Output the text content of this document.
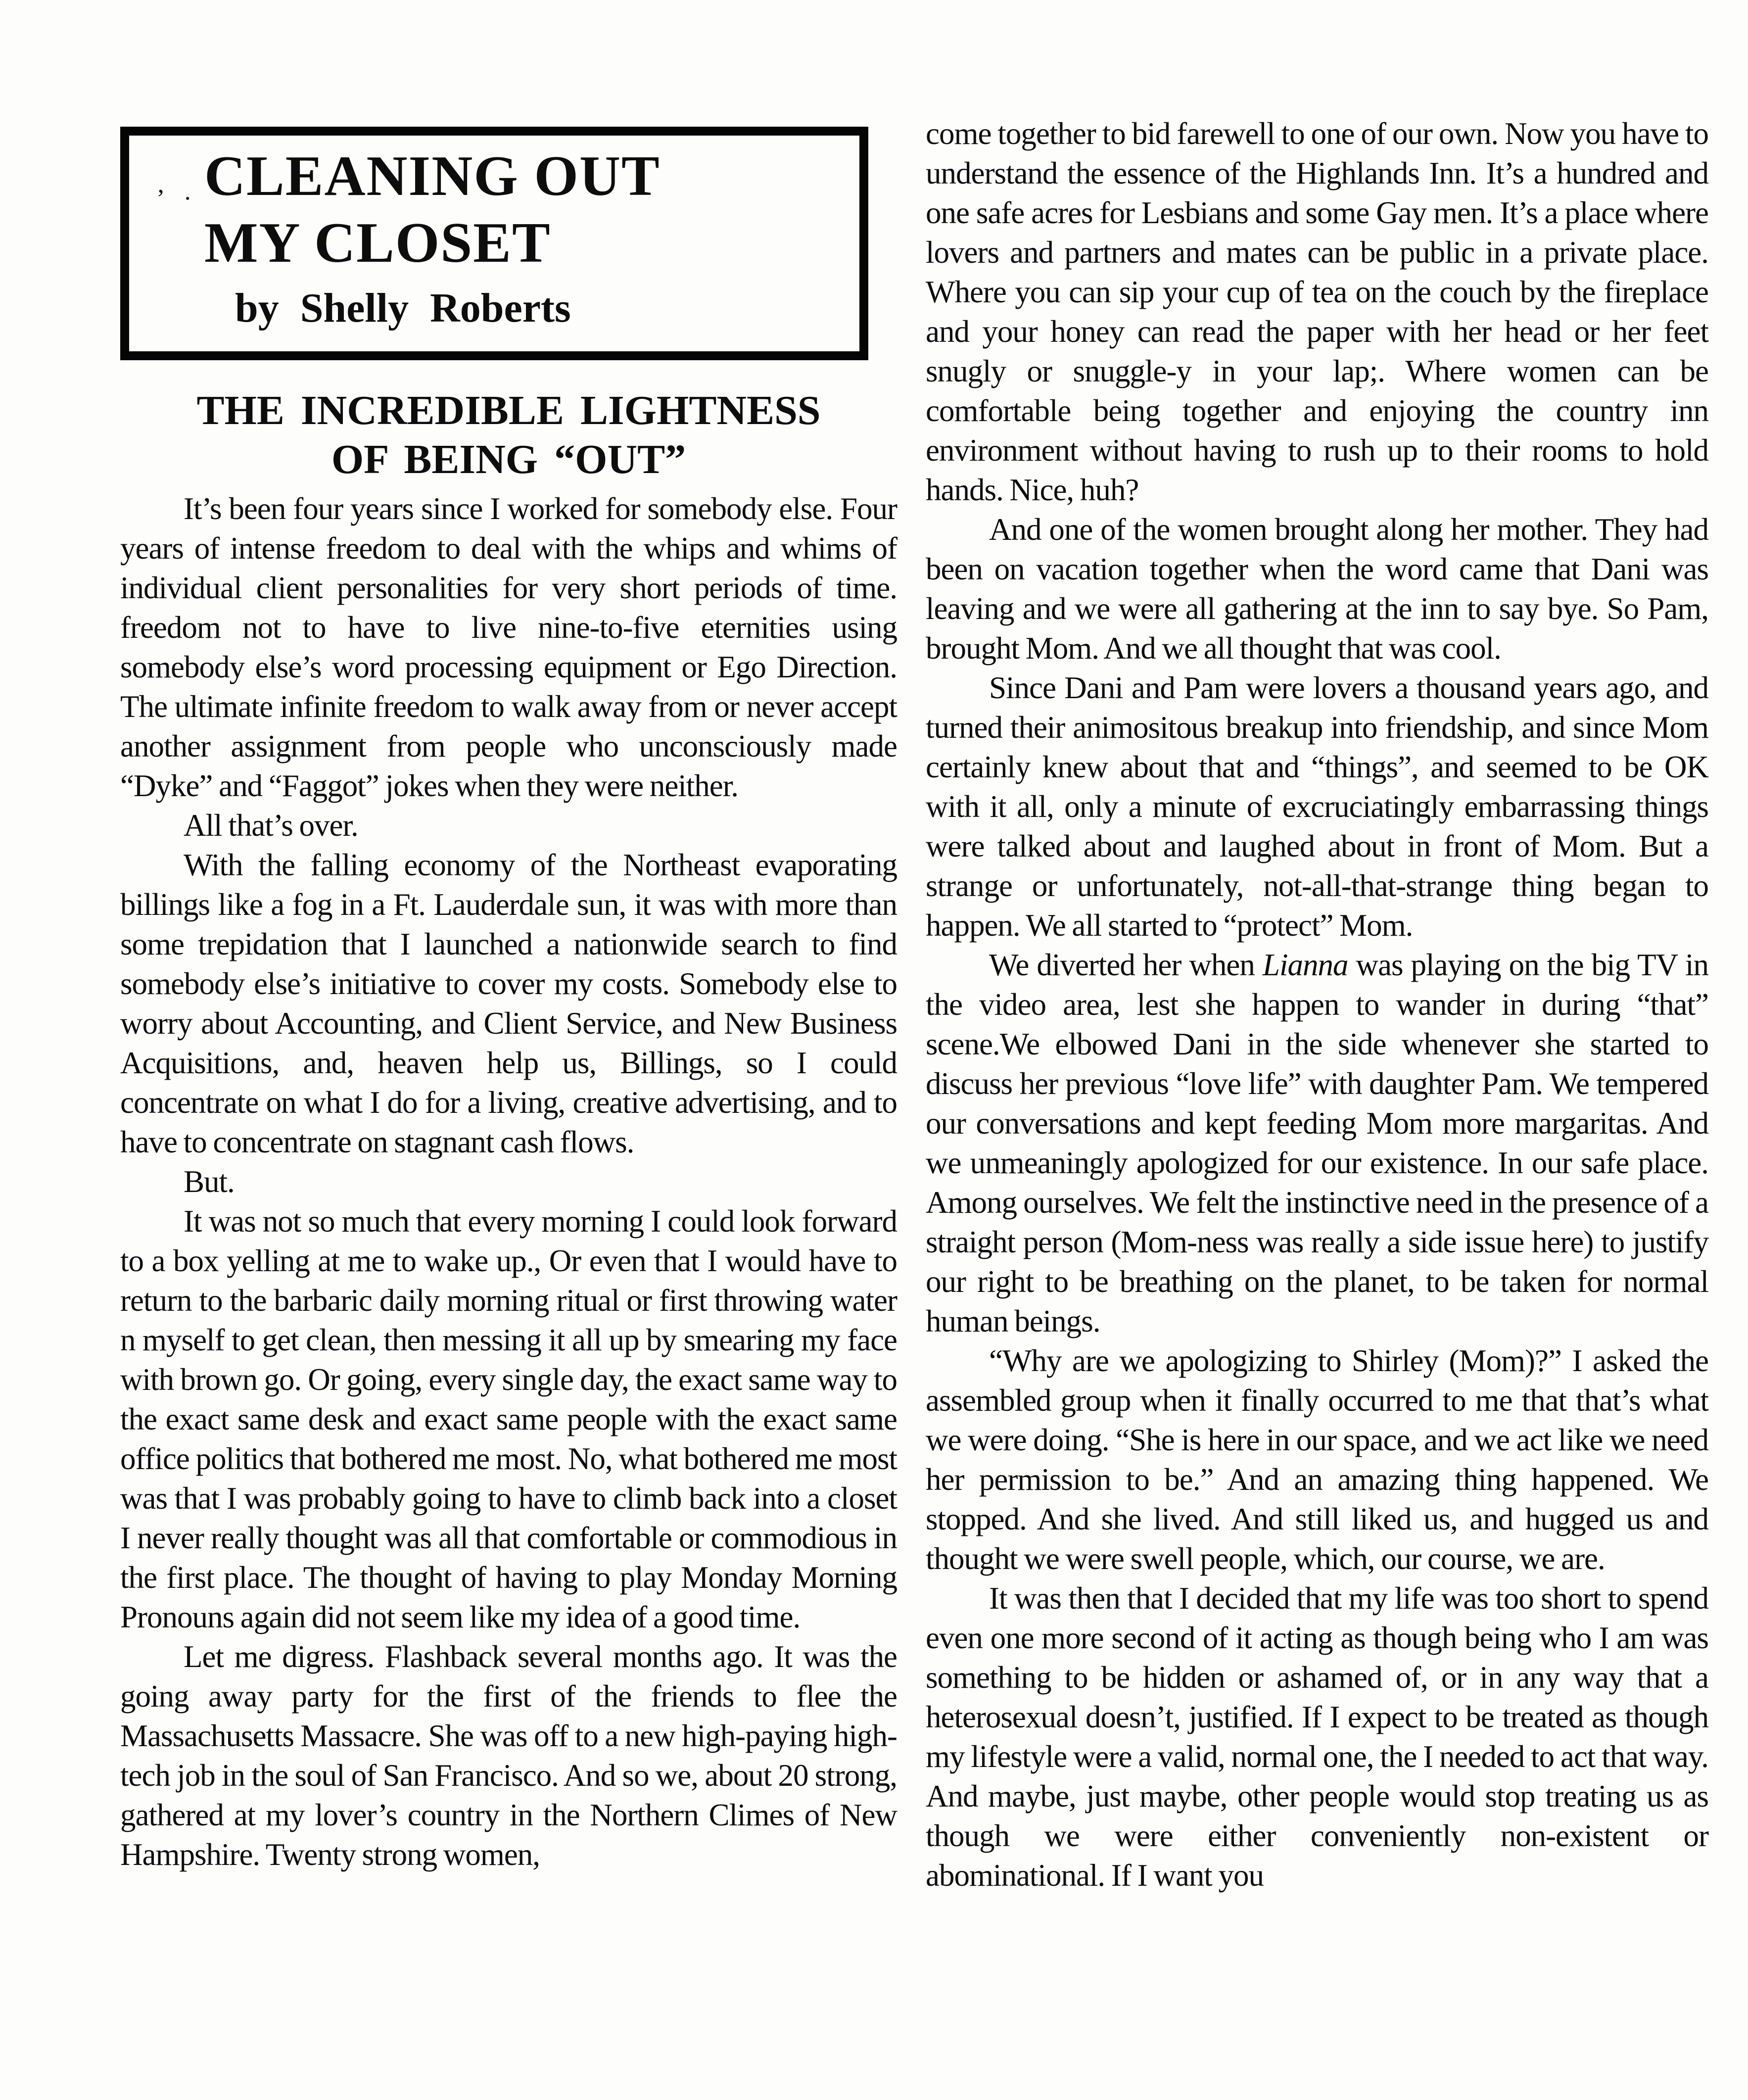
’ · CLEANING OUT
MY CLOSET
by Shelly Roberts
THE INCREDIBLE LIGHTNESS
OF BEING “OUT”

It’s been four years since I worked for somebody else. Four years of intense freedom to deal with the whips and whims of individual client personalities for very short periods of time. freedom not to have to live nine-to-five eternities using somebody else’s word processing equipment or Ego Direction. The ultimate infinite freedom to walk away from or never accept another assignment from people who unconsciously made “Dyke” and “Faggot” jokes when they were neither.

All that’s over.

With the falling economy of the Northeast evaporating billings like a fog in a Ft. Lauderdale sun, it was with more than some trepidation that I launched a nationwide search to find somebody else’s initiative to cover my costs. Somebody else to worry about Accounting, and Client Service, and New Business Acquisitions, and, heaven help us, Billings, so I could concentrate on what I do for a living, creative advertising, and to have to concentrate on stagnant cash flows.

But.

It was not so much that every morning I could look forward to a box yelling at me to wake up., Or even that I would have to return to the barbaric daily morning ritual or first throwing water n myself to get clean, then messing it all up by smearing my face with brown go. Or going, every single day, the exact same way to the exact same desk and exact same people with the exact same office politics that bothered me most. No, what bothered me most was that I was probably going to have to climb back into a closet I never really thought was all that comfortable or commodious in the first place. The thought of having to play Monday Morning Pronouns again did not seem like my idea of a good time.

Let me digress. Flashback several months ago. It was the going away party for the first of the friends to flee the Massachusetts Massacre. She was off to a new high-paying high-tech job in the soul of San Francisco. And so we, about 20 strong, gathered at my lover’s country in the Northern Climes of New Hampshire. Twenty strong women,

come together to bid farewell to one of our own. Now you have to understand the essence of the Highlands Inn. It’s a hundred and one safe acres for Lesbians and some Gay men. It’s a place where lovers and partners and mates can be public in a private place. Where you can sip your cup of tea on the couch by the fireplace and your honey can read the paper with her head or her feet snugly or snuggle-y in your lap;. Where women can be comfortable being together and enjoying the country inn environment without having to rush up to their rooms to hold hands. Nice, huh?

And one of the women brought along her mother. They had been on vacation together when the word came that Dani was leaving and we were all gathering at the inn to say bye. So Pam, brought Mom. And we all thought that was cool.

Since Dani and Pam were lovers a thousand years ago, and turned their animositous breakup into friendship, and since Mom certainly knew about that and “things”, and seemed to be OK with it all, only a minute of excruciatingly embarrassing things were talked about and laughed about in front of Mom. But a strange or unfortunately, not-all-that-strange thing began to happen. We all started to “protect” Mom.

We diverted her when Lianna was playing on the big TV in the video area, lest she happen to wander in during “that” scene.We elbowed Dani in the side whenever she started to discuss her previous “love life” with daughter Pam. We tempered our conversations and kept feeding Mom more margaritas. And we unmeaningly apologized for our existence. In our safe place. Among ourselves. We felt the instinctive need in the presence of a straight person (Mom-ness was really a side issue here) to justify our right to be breathing on the planet, to be taken for normal human beings.

“Why are we apologizing to Shirley (Mom)?” I asked the assembled group when it finally occurred to me that that’s what we were doing. “She is here in our space, and we act like we need her permission to be.” And an amazing thing happened. We stopped. And she lived. And still liked us, and hugged us and thought we were swell people, which, our course, we are.

It was then that I decided that my life was too short to spend even one more second of it acting as though being who I am was something to be hidden or ashamed of, or in any way that a heterosexual doesn’t, justified. If I expect to be treated as though my lifestyle were a valid, normal one, the I needed to act that way. And maybe, just maybe, other people would stop treating us as though we were either conveniently non-existent or abominational. If I want you
